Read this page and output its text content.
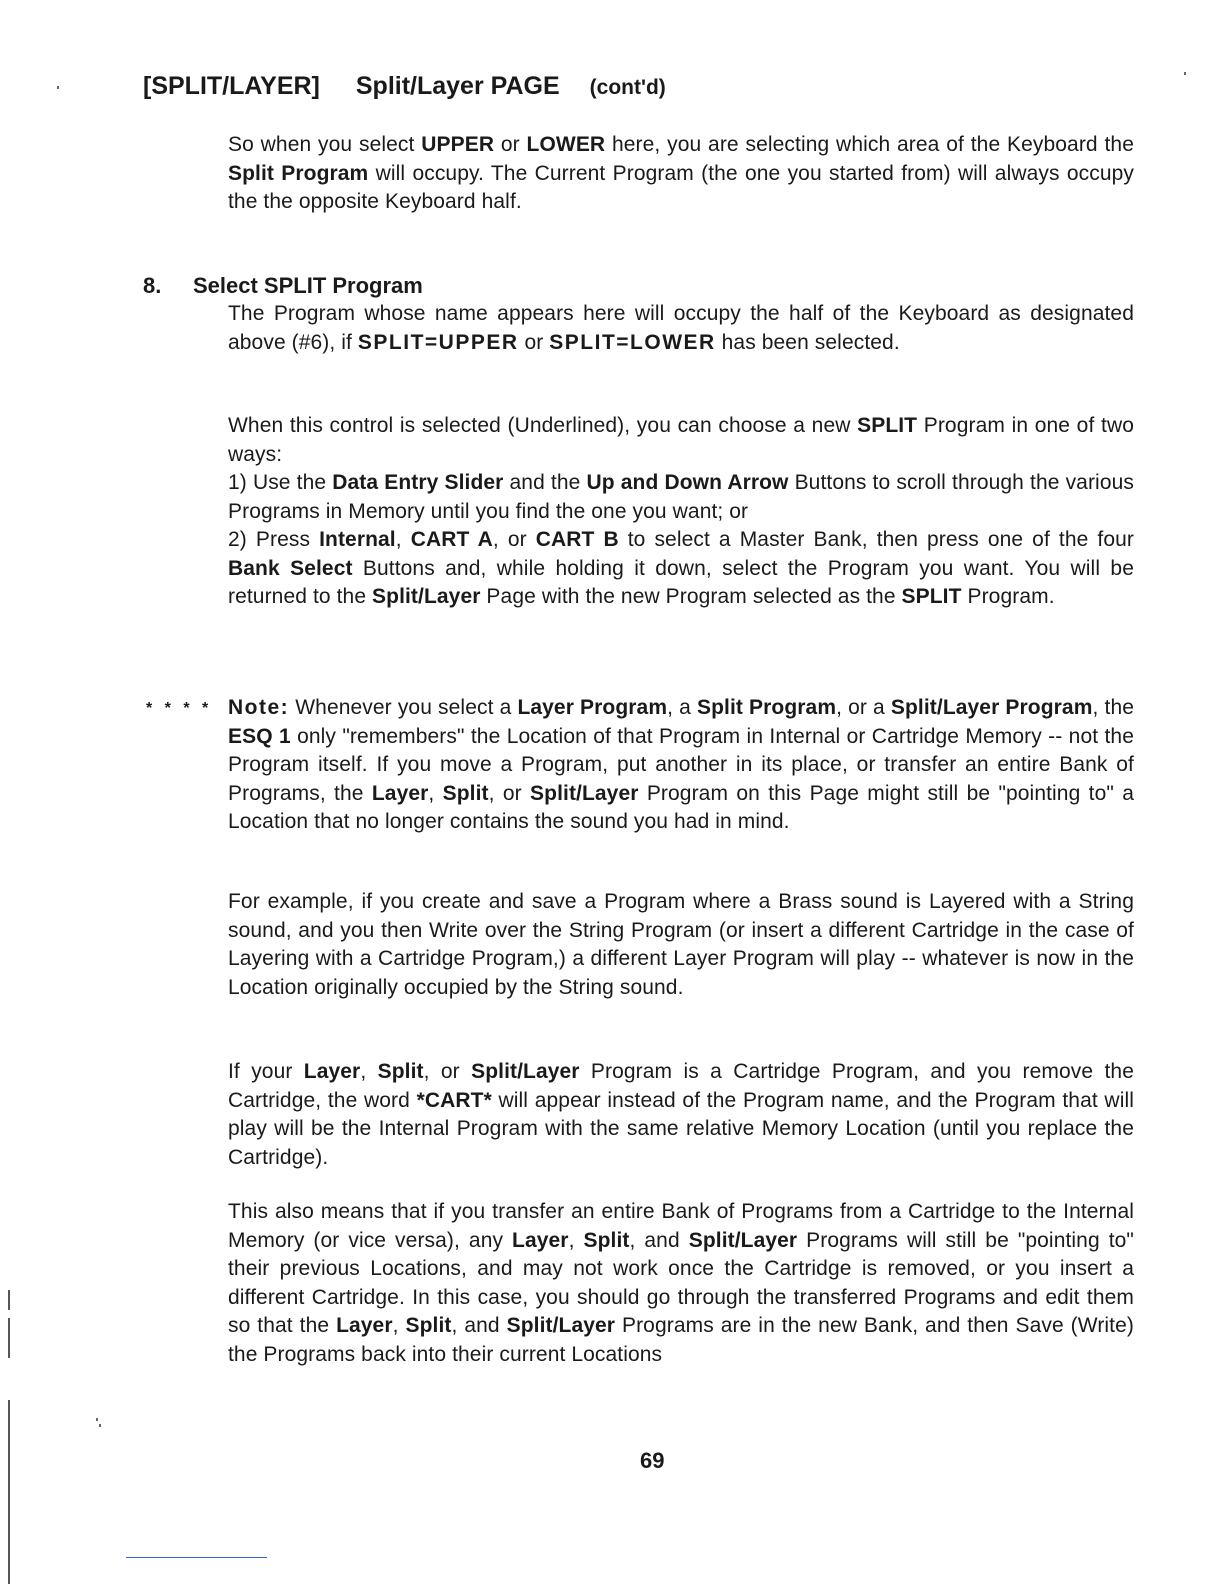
[SPLIT/LAYER] Split/Layer PAGE (cont'd)
So when you select UPPER or LOWER here, you are selecting which area of the Keyboard the Split Program will occupy. The Current Program (the one you started from) will always occupy the the opposite Keyboard half.
8. Select SPLIT Program
The Program whose name appears here will occupy the half of the Keyboard as designated above (#6), if SPLIT=UPPER or SPLIT=LOWER has been selected.
When this control is selected (Underlined), you can choose a new SPLIT Program in one of two ways:
1) Use the Data Entry Slider and the Up and Down Arrow Buttons to scroll through the various Programs in Memory until you find the one you want; or
2) Press Internal, CART A, or CART B to select a Master Bank, then press one of the four Bank Select Buttons and, while holding it down, select the Program you want. You will be returned to the Split/Layer Page with the new Program selected as the SPLIT Program.
* * * * Note: Whenever you select a Layer Program, a Split Program, or a Split/Layer Program, the ESQ 1 only "remembers" the Location of that Program in Internal or Cartridge Memory -- not the Program itself. If you move a Program, put another in its place, or transfer an entire Bank of Programs, the Layer, Split, or Split/Layer Program on this Page might still be "pointing to" a Location that no longer contains the sound you had in mind.
For example, if you create and save a Program where a Brass sound is Layered with a String sound, and you then Write over the String Program (or insert a different Cartridge in the case of Layering with a Cartridge Program,) a different Layer Program will play -- whatever is now in the Location originally occupied by the String sound.
If your Layer, Split, or Split/Layer Program is a Cartridge Program, and you remove the Cartridge, the word *CART* will appear instead of the Program name, and the Program that will play will be the Internal Program with the same relative Memory Location (until you replace the Cartridge).
This also means that if you transfer an entire Bank of Programs from a Cartridge to the Internal Memory (or vice versa), any Layer, Split, and Split/Layer Programs will still be "pointing to" their previous Locations, and may not work once the Cartridge is removed, or you insert a different Cartridge. In this case, you should go through the transferred Programs and edit them so that the Layer, Split, and Split/Layer Programs are in the new Bank, and then Save (Write) the Programs back into their current Locations
69
